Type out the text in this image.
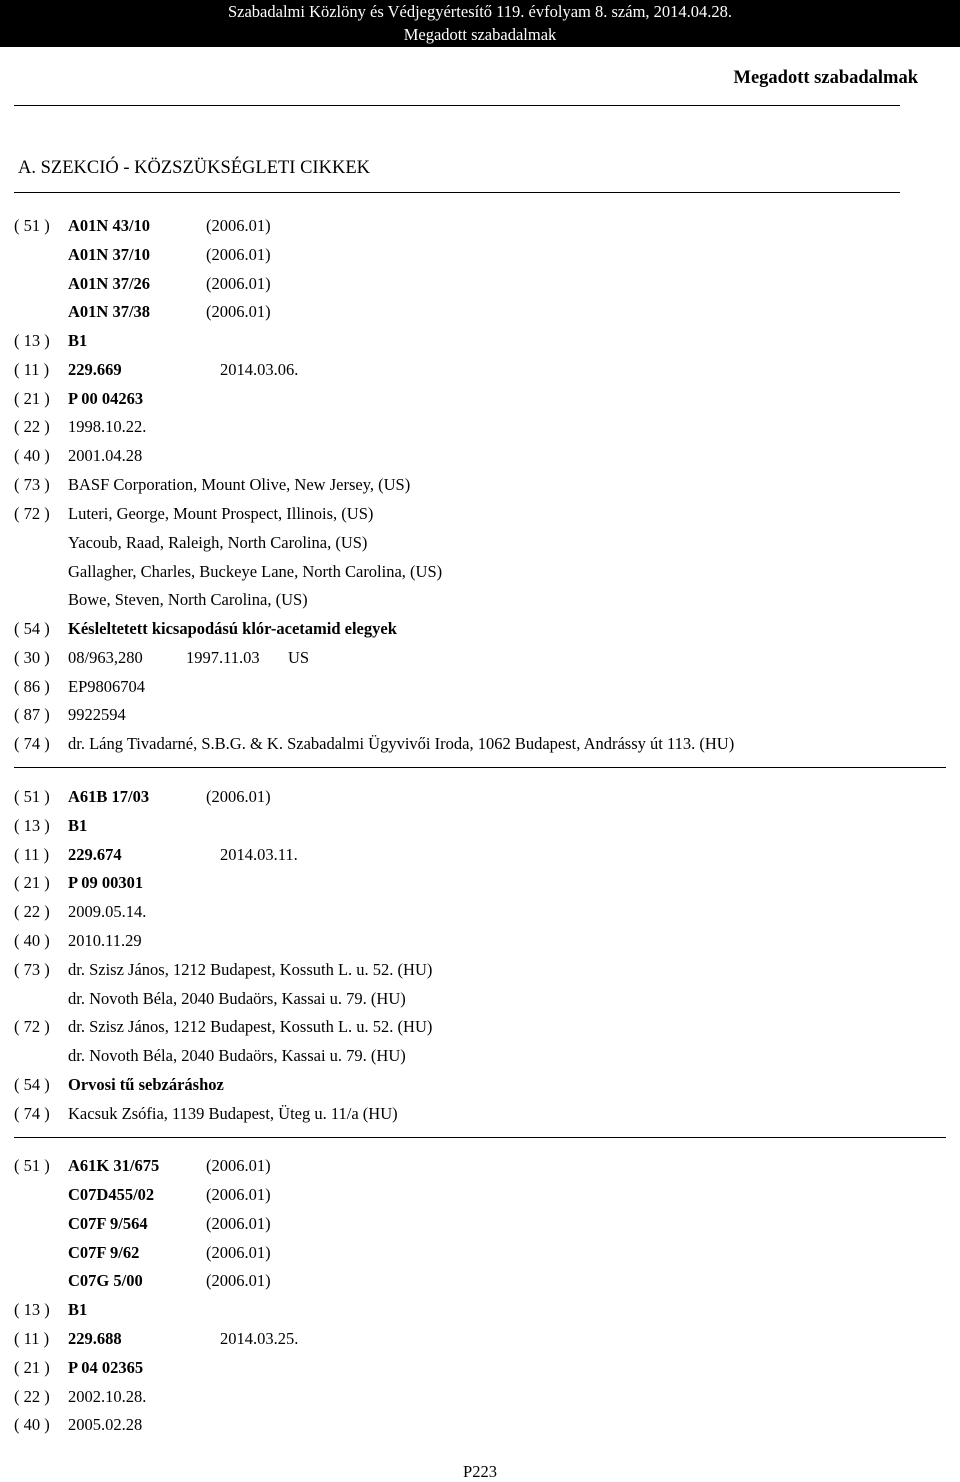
Szabadalmi Közlöny és Védjegyértesítő 119. évfolyam 8. szám, 2014.04.28.
Megadott szabadalmak
Megadott szabadalmak
A. SZEKCIÓ - KÖZSZÜKSÉGLETI CIKKEK
( 51 )	A01N 43/10	(2006.01)
A01N 37/10	(2006.01)
A01N 37/26	(2006.01)
A01N 37/38	(2006.01)
( 13 )	B1
( 11 )	229.669	2014.03.06.
( 21 )	P 00 04263
( 22 )	1998.10.22.
( 40 )	2001.04.28
( 73 )	BASF Corporation, Mount Olive, New Jersey, (US)
( 72 )	Luteri, George, Mount Prospect, Illinois, (US)
Yacoub, Raad, Raleigh, North Carolina, (US)
Gallagher, Charles, Buckeye Lane, North Carolina, (US)
Bowe, Steven, North Carolina, (US)
( 54 )	Késleltetett kicsapodású klór-acetamid elegyek
( 30 )	08/963,280	1997.11.03 US
( 86 )	EP9806704
( 87 )	9922594
( 74 )	dr. Láng Tivadarné, S.B.G. & K. Szabadalmi Ügyvivői Iroda, 1062 Budapest, Andrássy út 113. (HU)
( 51 )	A61B 17/03	(2006.01)
( 13 )	B1
( 11 )	229.674	2014.03.11.
( 21 )	P 09 00301
( 22 )	2009.05.14.
( 40 )	2010.11.29
( 73 )	dr. Szisz János, 1212 Budapest, Kossuth L. u. 52. (HU)
dr. Novoth Béla, 2040 Budaörs, Kassai u. 79. (HU)
( 72 )	dr. Szisz János, 1212 Budapest, Kossuth L. u. 52. (HU)
dr. Novoth Béla, 2040 Budaörs, Kassai u. 79. (HU)
( 54 )	Orvosi tű sebzáráshoz
( 74 )	Kacsuk Zsófia, 1139 Budapest, Üteg u. 11/a (HU)
( 51 )	A61K 31/675	(2006.01)
C07D455/02	(2006.01)
C07F 9/564	(2006.01)
C07F 9/62	(2006.01)
C07G 5/00	(2006.01)
( 13 )	B1
( 11 )	229.688	2014.03.25.
( 21 )	P 04 02365
( 22 )	2002.10.28.
( 40 )	2005.02.28
P223
